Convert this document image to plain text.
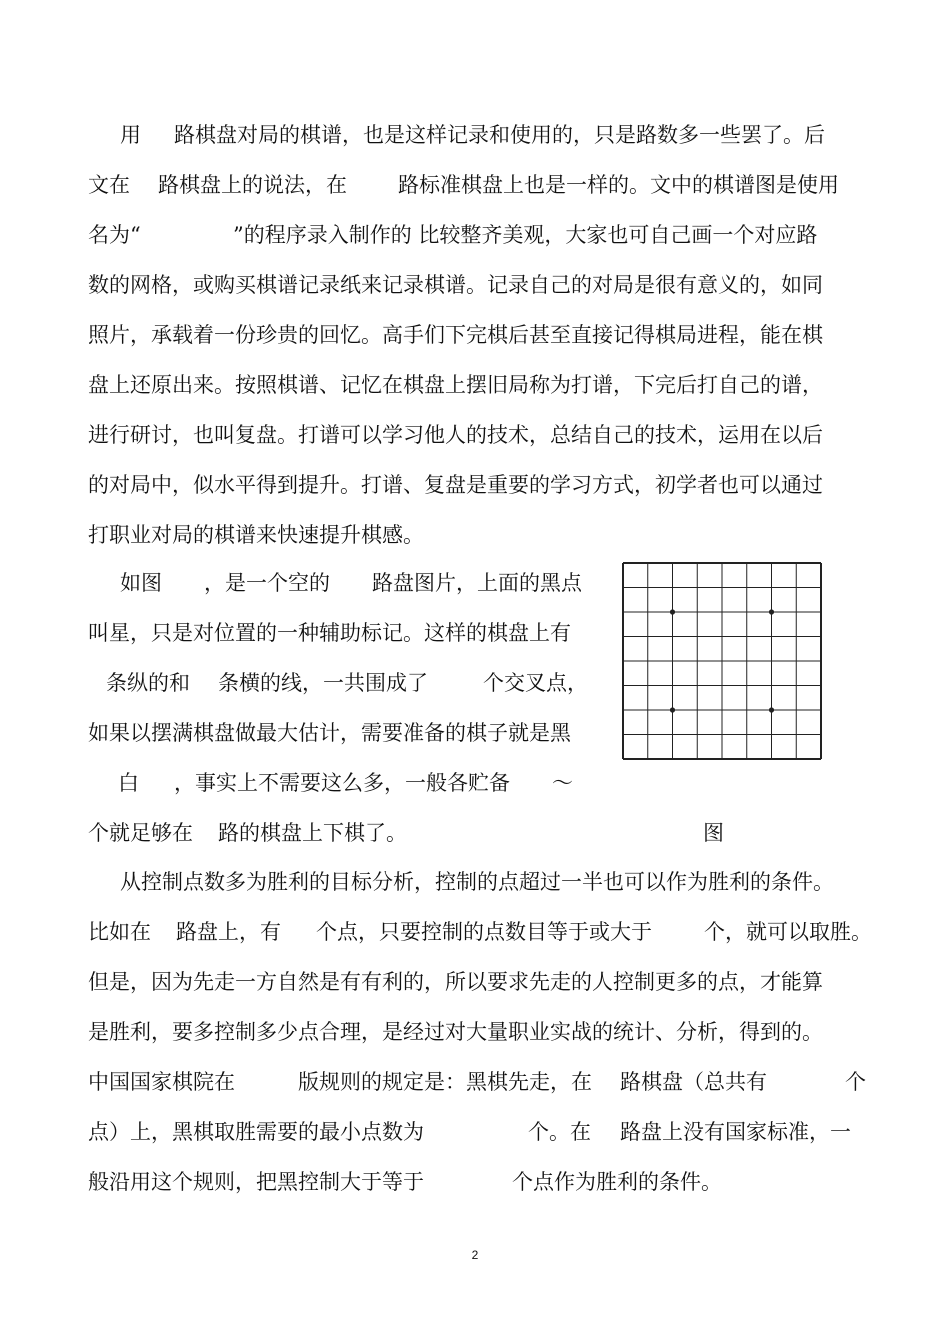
用 路棋盘对局的棋谱，也是这样记录和使用的，只是路数多一些罢了。后
文在 路棋盘上的说法，在 路标准棋盘上也是一样的。文中的棋谱图是使用
名为“	”的程序录入制作的 比较整齐美观，大家也可自己画一个对应路
数的网格，或购买棋谱记录纸来记录棋谱。记录自己的对局是很有意义的，如同
照片，承载着一份珍贵的回忆。高手们下完棋后甚至直接记得棋局进程，能在棋
盘上还原出来。按照棋谱、记忆在棋盘上摆旧局称为打谱，下完后打自己的谱，
进行研讨，也叫复盘。打谱可以学习他人的技术，总结自己的技术，运用在以后
的对局中，似水平得到提升。打谱、复盘是重要的学习方式，初学者也可以通过
打职业对局的棋谱来快速提升棋感。
如图 ，是一个空的 路盘图片，上面的黑点
叫星，只是对位置的一种辅助标记。这样的棋盘上有
条纵的和 条横的线，一共围成了	个交叉点，
如果以摆满棋盘做最大估计，需要准备的棋子就是黑
白 ，事实上不需要这么多，一般各贮备 ～
个就足够在 路的棋盘上下棋了。	图
从控制点数多为胜利的目标分析，控制的点超过一半也可以作为胜利的条件。
比如在 路盘上，有 个点，只要控制的点数目等于或大于 个，就可以取胜。
但是，因为先走一方自然是有有利的，所以要求先走的人控制更多的点，才能算
是胜利，要多控制多少点合理，是经过对大量职业实战的统计、分析，得到的。
中国国家棋院在	版规则的规定是：黑棋先走，在 路棋盘（总共有	个
点）上，黑棋取胜需要的最小点数为	个。在 路盘上没有国家标准，一
般沿用这个规则，把黑控制大于等于	个点作为胜利的条件。
2
